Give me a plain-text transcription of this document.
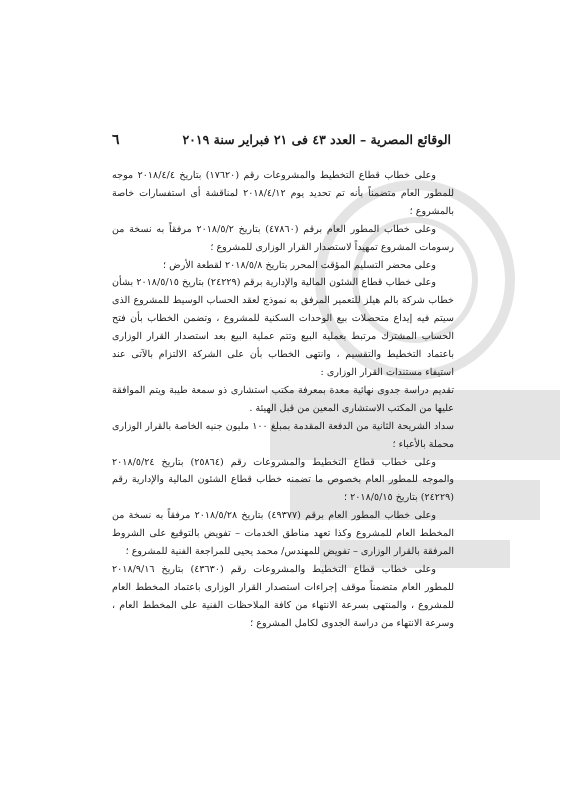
الوقائع المصرية – العدد ٤٣ فى ٢١ فبراير سنة ٢٠١٩
٦

وعلى خطاب قطاع التخطيط والمشروعات رقم (١٧٦٢٠) بتاريخ ٢٠١٨/٤/٤ موجه للمطور العام متضمناً بأنه تم تحديد يوم ٢٠١٨/٤/١٢ لمناقشة أى استفسارات خاصة بالمشروع ؛

وعلى خطاب المطور العام برقم (٤٧٨٦٠) بتاريخ ٢٠١٨/٥/٢ مرفقاً به نسخة من رسومات المشروع تمهيداً لاستصدار القرار الوزارى للمشروع ؛

وعلى محضر التسليم المؤقت المحرر بتاريخ ٢٠١٨/٥/٨ لقطعة الأرض ؛

وعلى خطاب قطاع الشئون المالية والإدارية برقم (٢٤٢٢٩) بتاريخ ٢٠١٨/٥/١٥ بشأن خطاب شركة بالم هيلز للتعمير المرفق به نموذج لعقد الحساب الوسيط للمشروع الذى سيتم فيه إيداع متحصلات بيع الوحدات السكنية للمشروع ، وتضمن الخطاب بأن فتح الحساب المشترك مرتبط بعملية البيع وتتم عملية البيع بعد استصدار القرار الوزارى باعتماد التخطيط والتقسيم ، وانتهى الخطاب بأن على الشركة الالتزام بالآتى عند استيفاء مستندات القرار الوزارى :

تقديم دراسة جدوى نهائية معدة بمعرفة مكتب استشارى ذو سمعة طيبة ويتم الموافقة عليها من المكتب الاستشارى المعين من قبل الهيئة .

سداد الشريحة الثانية من الدفعة المقدمة بمبلغ ١٠٠ مليون جنيه الخاصة بالقرار الوزارى محملة بالأعباء ؛

وعلى خطاب قطاع التخطيط والمشروعات رقم (٢٥٨٦٤) بتاريخ ٢٠١٨/٥/٢٤ والموجه للمطور العام بخصوص ما تضمنه خطاب قطاع الشئون المالية والإدارية رقم (٢٤٢٢٩) بتاريخ ٢٠١٨/٥/١٥ ؛

وعلى خطاب المطور العام برقم (٤٩٣٧٧) بتاريخ ٢٠١٨/٥/٢٨ مرفقاً به نسخة من المخطط العام للمشروع وكذا تعهد مناطق الخدمات – تفويض بالتوقيع على الشروط المرفقة بالقرار الوزارى – تفويض للمهندس/ محمد يحيى للمراجعة الفنية للمشروع ؛

وعلى خطاب قطاع التخطيط والمشروعات رقم (٤٣٦٣٠) بتاريخ ٢٠١٨/٩/١٦ للمطور العام متضمناً موقف إجراءات استصدار القرار الوزارى باعتماد المخطط العام للمشروع ، والمنتهى بسرعة الانتهاء من كافة الملاحظات الفنية على المخطط العام ، وسرعة الانتهاء من دراسة الجدوى لكامل المشروع ؛
